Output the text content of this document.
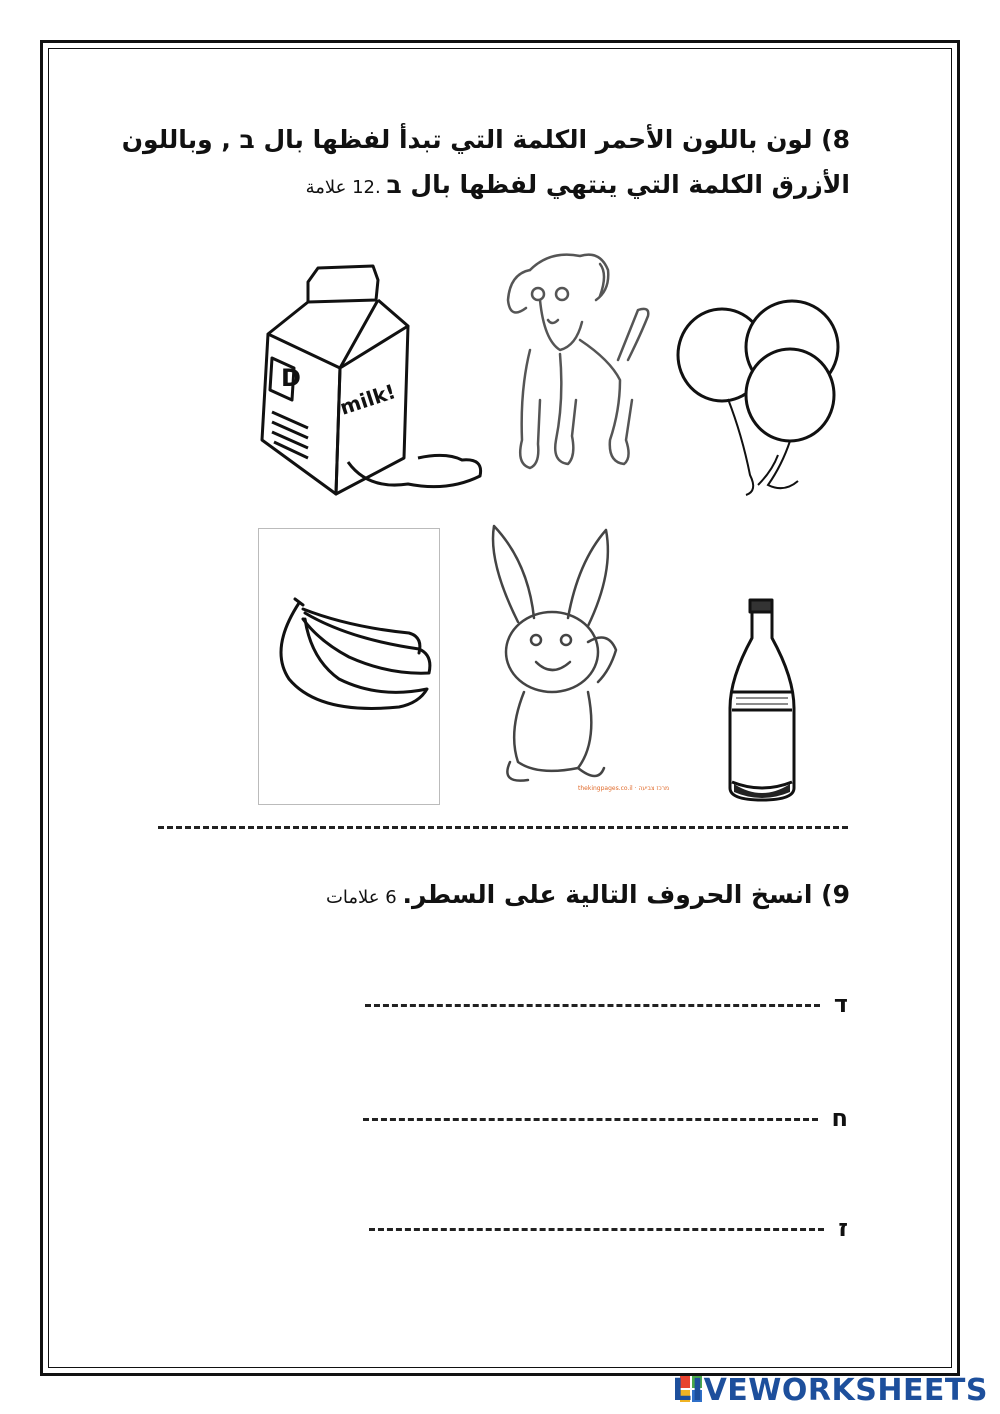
8) لون باللون الأحمر الكلمة التي تبدأ لفظها بال ב , وباللون
الأزرق الكلمة التي ينتهي لفظها بال ב .12 علامة
D
milk!
thekingpages.co.il · מרכז צביעה
9) انسخ الحروف التالية على السطر. 6 علامات
ד
ח
ז
LIVEWORKSHEETS
